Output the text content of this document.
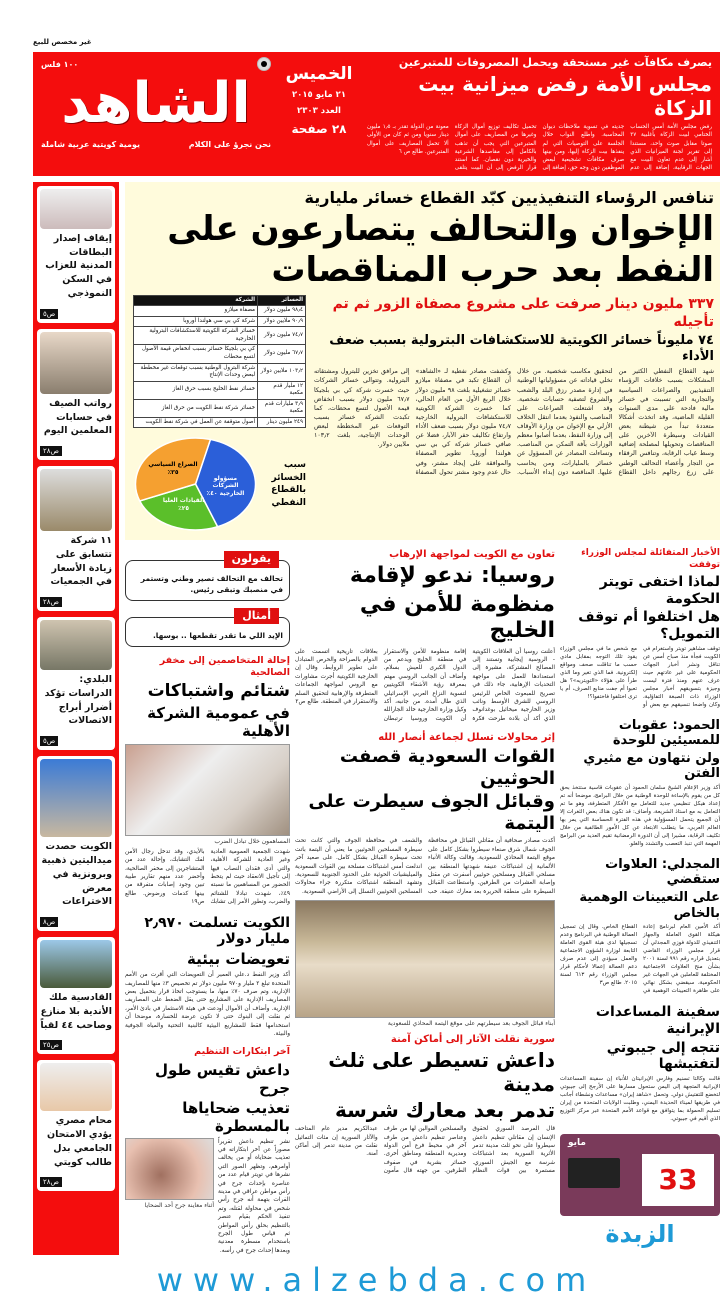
غير مخصص للبيع
يصرف مكافآت غير مستحقة ويحمل المصروفات للمتبرعين
مجلس الأمة رفض ميزانية بيت الزكاة
رفض مجلس الأمة أمس الحساب الختامي لبيت الزكاة بأغلبية ٣٧ صوتا مقابل صوت واحد، مستندا إلى تقرير لجنة الميزانيات الذي أشار إلى عدم تعاون البيت مع الجهات الرقابية، إضافة إلى عدم جديته في تسوية ملاحظات ديوان المحاسبة. واطلع النواب خلال الجلسة على التوصيات التي لم ينفذها بيت الزكاة إليها، ومن بينها صرف مكافآت تشجيعية لبعض الموظفين دون وجه حق، إضافة إلى تحميل تكاليف توزيع أموال الزكاة وغيرها من المصاريف على أموال المتبرعين التي يجب أن تذهب بالكامل إلى مقاصدها الشرعية والخيرية دون نقصان. كما استند قرار الرفض إلى أن البيت يتلقى معونة من الدولة تقدر بـ ١٫٥ مليون دينار سنويا ومن ثم كان من الأولى ألا تحمل المصاريف على أموال المتبرعين. طالع ص ٦
الخميس
٢١ مايو ٢٠١٥
العدد ٢٣٠٣
٢٨ صفحة
١٠٠ فلس
الشاهد
نحن نجرؤ على الكلام
يومية كويتية عربية شاملة
تنافس الرؤساء التنفيذيين كبّد القطاع خسائر مليارية
الإخوان والتحالف يتصارعون على النفط بعد حرب المناقصات
٣٣٧ مليون دينار صرفت على مشروع مصفاة الزور ثم تم تأجيله
٧٤ مليوناً خسائر الكويتية للاستكشافات البترولية بسبب ضعف الأداء
شهد القطاع النفطي الكثير من المشكلات بسبب خلافات الرؤساء التنفيذيين والصراعات السياسية والتجارية التي تسببت في خسائر مالية فادحة على مدى السنوات القليلة الماضية، وقد اتخذت أشكالا متعددة تبدأ من شيطنة بعض القيادات وسيطرة الآخرين على المناقصات وتحويلها لمصلحة إضافية وسط غياب الرقابة، وتنافس الرفقاء من التجار وأعضاء التحالف الوطني على زرع رجالهم داخل القطاع لتحقيق مكاسب شخصية. من خلال تخلي قياداته عن مسؤولياتها الوطنية في إدارة مصدر رزق البلد والشعب والشروع لتصفية حسابات شخصية. وقد اشتعلت الصراعات على المناصب والنفوذ بعدما انتقل الخلاف الأزلي مع الإخوان من وزارة الأوقاف إلى وزارة النفط، بعدما أصابوا معظم الوزارات بآفة التمكن من المناصب. وتساءلت المصادر عن المسؤول عن خسائر بالمليارات، ومن يحاسب عليها. المناقصة دون إبداء الأسباب. وكشفت مصادر نفطية لـ «الشاهد» أن القطاع تكبد في مصفاة ميلازو خسائر تشغيلية بلغت ٩٨ مليون دولار خلال الربع الأول من العام الحالي، كما خسرت الشركة الكويتية للاستكشافات البترولية الخارجية ٧٤٫٧ مليون دولار بسبب ضعف الأداء وارتفاع تكاليف حفر الآبار، فضلا عن صافي خسائر شركة كي بي سي هولندا أوروبا. تطوير المصفاة والموافقة على إيجاد مشتر، وفي حال عدم وجود مشتر تحول المصفاة إلى مرافق تخزين للبترول ومشتقاته البترولية. وتتوالى خسائر الشركات حيث خسرت شركة كي بي بلجيكا ٦٧٫٧ مليون دولار بسبب انخفاض قيمة الأصول لتسع محطات، كما تكبدت الشركة خسائر بسبب التوقعات غير المخططة لبعض الوحدات الإنتاجية، بلغت ١٠٣٫٢ ملايين دولار.
الخسائر	الشركة
٩٨٫٤ مليون دولار	مصفاة ميلازو
٩٠٫٩ ملايين دولار	شركة كي بي سي هولندا أوروبا
٧٤٫٧ مليون دولار	خسائر الشركة الكويتية للاستكشافات البترولية الخارجية
٦٧٫٧ مليون دولار	كي بي بلجيكا خسائر بسبب انخفاض قيمة الأصول لتسع محطات
١٠٣٫٢ ملايين دولار	شركة البترول الوطنية بسبب توقعات غير مخططة لبعض وحدات الإنتاج
١٢ مليار قدم مكعبة	خسائر نفط الخليج بسبب حرق الغاز
٣٫٩ مليارات قدم مكعبة	خسائر شركة نفط الكويت من حرق الغاز
٢٤٩ مليون دينار	أصول متوقفة عن العمل في شركة نفط الكويت
سبب الخسائر بالقطاع النفطي
مسؤولو الشركات الخارجية ٤٠٪
القيادات العليا ٢٥٪
الصراع السياسي ٣٥٪
الأخبار المتفائلة لمجلس الوزراء توقفت
لماذا اختفى تويتر الحكومة
هل اختلفوا أم توقف التمويل؟
توقف مشاهير تويتر واستغرام في الكويت فجأة منذ صباح أمس عن تناقل ونشر أخبار الجهات الحكومية على غير عادتهم حيث عرف عنهم ومنذ فترة ليست وجيزة بتسويقهم أخبار مجلس الوزراء ذات الصبغة التفاؤلية، وكان واضحا تنسيقهم مع بعض أو مع شخص ما في مجلس الوزراء يقود تلك التوجه بمقابل مادي حسب ما تناقلت صحف ومواقع إلكترونية. فما الذي تغير وما الذي طرأ على هؤلاء «التويتريه»؟ هل تعبوا أم جفت منابع الصرف، أم يا ترى اختلفوا فاختفوا؟!
الحمود: عقوبات للمسيئين للوحدة
ولن نتهاون مع مثيري الفتن
أكد وزير الإعلام الشيخ سلمان الحمود أن عقوبات قاسية ستتخذ بحق كل من يقوم بالإساءة للوحدة الوطنية من خلال البرامج، موضحا أنه تم إعداد هيكل تنظيمي جديد للتعامل مع الأفكار المتطرفة، وهو ما تم التعامل به مع استاذ الشريعة، وأضاف: قد تكون هناك بعض الثغرات إلا أن الجميع يتحمل المسؤولية في هذه الفترة الحساسة التي يمر بها العالم العربي، ما يتطلب الابتعاد عن كل الأمور الطائفية من خلال تكثيف الرقابة، مشيرا إلى أن الدورة الرمضانية تقيم العديد من البرامج المهمة التي تنبذ التعصب والتشدد والغلو.
المجدلي: العلاوات ستقضي
على التعيينات الوهمية بالخاص
أكد الأمين العام لبرنامج إعادة هيكلة القوى العاملة والجهاز التنفيذي للدولة فوزي المجدلي أن قرار مجلس الوزراء القاضي بتعديل قراره رقم ٩٩١ لسنة ٢٠٠١ بشأن منح العلاوات الاجتماعية المختلفة للعاملين في الجهات غير الحكومية، سيقضي بشكل نهائي على ظاهرة التعيينات الوهمية في القطاع الخاص. وقال إن تسجيل العمالة الوطنية في البرنامج وعدم تسجيلها لدى هيئة القوى العاملة التابعة لوزارة الشؤون الاجتماعية والعمل سيؤدي إلى عدم صرف دعم العمالة إعمالا لأحكام قرار مجلس الوزراء رقم ٦١٣ لسنة ٢٠١٥. طالع ص٣
سفينة المساعدات الإيرانية
تتجه إلى جيبوتي لتفتيشها
قالت وكالتا تسنيم وفارس الإيرانيتان للأنباء إن سفينة المساعدات الإيرانية المتجهة إلى اليمن ستحول مسارها على الأرجح إلى جيبوتي لتخضع للتفتيش دولي. وتحمل «شاهد إيران» مساعدات ونشطاء أجانب في طريقها لميناء الحديدة اليمني، وطلبت الولايات المتحدة من إيران تسليم الحمولة بما يتوافق مع قواعد الأمم المتحدة عبر مركز التوزيع الذي أقيم في جيبوتي.
مايو
33
الزبدة
تعاون مع الكويت لمواجهة الإرهاب
روسيا: ندعو لإقامة
منظومة للأمن في الخليج
أعلنت روسيا أن العلاقات الكويتية - الروسية إيجابية وتستند إلى المصالح المشتركة، مشيرة إلى استعدادها للعمل على مواجهة التحديات الإرهابية، جاء ذلك في تصريح للمبعوث الخاص للرئيس الروسي للشرق الأوسط ونائب وزير الخارجية ميخائيل بوغدانوف الذي أكد أن بلاده طرحت فكرة إقامة منظومة للأمن والاستقرار في منطقة الخليج ويدعم من الدول الكبرى للعيش بسلام. وأضاف أن الجانب الروسي مهتم بمعرفة رؤية الأشقاء الكويتيين لتسوية النزاع العربي الإسرائيلي الذي طال أمده. من جانبه، أكد وكيل وزارة الخارجية خالد الجارالله أن الكويت وروسيا ترتبطان بعلاقات تاريخية اتسمت على الدوام بالصراحة والحرص المتبادل على تطوير الروابط، وقال إن الخارجية الكويتية أجرت مشاورات مع الروس لمواجهة الجماعات المتطرفة والإرهابية لتحقيق السلم والاستقرار في المنطقة. طالع ص٢
إثر محاولات تسلل لجماعة أنصار الله
القوات السعودية قصفت الحوثيين
وقبائل الجوف سيطرت على اليتمة
أكدت مصادر صحافية أن مقاتلي القبائل في محافظة الجوف شمال شرق صنعاء سيطروا بشكل كامل على موقع اليتمة المحاذي للسعودية. وقالت وكالة الأنباء الألمانية إن اشتباكات عنيفة شهدتها المنطقة بين مسلحي القبائل ومسلحين حوثيين أسفرت عن مقتل وإصابة العشرات من الطرفين. واستطاعت القبائل السيطرة على منطقة الحريرة بعد معارك عنيفة. خب والشعف في محافظة الجوف والتي كانت تحت سيطرة المسلحين الحوثيين ما يعني أن اليتمة باتت تحت سيطرة القبائل بشكل كامل. على صعيد آخر اندلعت أمس اشتباكات مسلحة بين القوات السعودية والميليشيات الحوثية على الحدود الجنوبية للسعودية. وتشهد المنطقة اشتباكات متكررة جراء محاولات المسلحين الحوثيين التسلل إلى الأراضي السعودية.
أبناء قبائل الجوف بعد سيطرتهم على موقع اليتمة المحاذي للسعودية
سورية نقلت الآثار إلى أماكن آمنة
داعش تسيطر على ثلث مدينة
تدمر بعد معارك شرسة
قال المرصد السوري لحقوق الإنسان إن مقاتلي تنظيم داعش سيطروا على نحو ثلث مدينة تدمر الأثرية السورية بعد اشتباكات شرسة مع الجيش السوري. مستمرة بين قوات النظام والمسلحين الموالين لها من طرف وعناصر تنظيم داعش من طرف آخر في محيط فرع أمن الدولة ومديرية المنطقة ومناطق أخرى. خسائر بشرية في صفوف الطرفين. من جهته قال مأمون عبدالكريم مدير عام المتاحف والآثار السورية إن مئات التماثيل نقلت من مدينة تدمر إلى أماكن آمنة.
يقولون
تحالف مع التحالف تصير وطني وتستمر في منصبك وتبقى رئيس.
أمثال
الإيد اللي ما تقدر تقطعها .. بوسها.
إحالة المتخاصمين إلى مخفر الصالحية
شتائم واشتباكات
في عمومية الشركة الأهلية
المساهمون خلال تبادل الضرب
شهدت الجمعية العمومية العادية وغير العادية للشركة الأهلية، والتي أدى فقدان النصاب فيها إلى تأجيل الانعقاد حيث لم يتخط الحضور من المساهمين ما نسبته ٤٩٪، شهدت تبادلا للشتائم والضرب، وتطور الأمر إلى تشابك بالأيدي، وقد تدخل رجال الأمن لفك التشابك، وإحالة عدد من المتشاجرين إلى مخفر الصالحية، وأحضر عدد منهم تقارير طبية تبين وجود إصابات متفرقة من بينها كدمات ورضوض. طالع ص١٩
الكويت تسلمت ٢٫٩٧٠ مليار دولار
تعويضات بيئية
أكد وزير النفط د.علي العمير أن التعويضات التي أقرت من الأمم المتحدة تبلغ ٢ مليار و٩٧٠ مليون دولار تم تخصيص ٣٪ منها للمصاريف الإدارية، وتم صرف ٧٠٪ منها، ما يستوجب اتخاذ قرار بتحميل بعض المصاريف الإدارية على المشاريع حتى يقل الضغط على المصاريف الإدارية. وأضاف أن الأموال أودعت في هيئة الاستثمار في بادئ الأمر، ثم نقلت إلى البنوك حتى لا تكون عرضة للخسارة، موضحا أن استخدامها فقط للمشاريع البيئية كالبنية التحتية والمياه الجوفية والبيئة.
آخر ابتكارات التنظيم
داعش تقيس طول جرح
تعذيب ضحاياها بالمسطرة
نشر تنظيم داعش تقريراً مصوراً عن آخر ابتكاراته في تعذيب ضحاياه أو من يخالف أوامرهم، وتظهر الصور التي نشرها في تويتر قيام عدد من عناصره بإحداث جرح في رأس مواطن عراقي في مدينة الفرات بتهمة أنه جرح رأس شخص في محاولة لقتله، وتم تنفيذ الحكم بقيام عنصر بالتنظيم بحلق رأس المواطن ثم قياس طول الجرح باستخدام مسطرة معدنية وبعدها إحداث جرح في رأسه.
أثناء معاينة جرح أحد الضحايا
إيقاف إصدار البطاقات المدنية للعزاب في السكن النموذجي
ص٥
رواتب الصيف في حسابات المعلمين اليوم
ص٢٨
١١ شركة تتسابق على زيادة الأسعار في الجمعيات
ص٢٨
البلدي: الدراسات تؤكد أضرار أبراج الاتصالات
ص٥
الكويت حصدت ميداليتين ذهبية وبرونزية في معرض الاختراعات
ص٨
القادسية ملك الأندية بلا منازع وصاحب ٤٤ لقباً
ص٢٥
محام مصري يؤدي الامتحان الجامعي بدل طالب كويتي
ص٢٨
www.alzebda.com
